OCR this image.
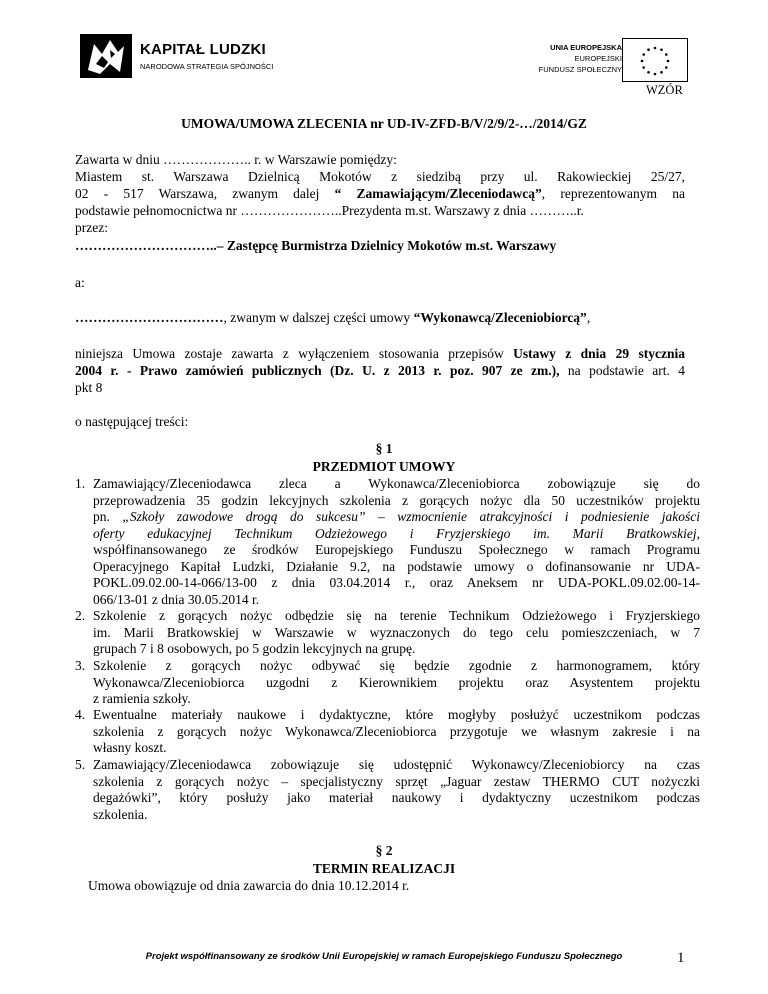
KAPITAŁ LUDZKI
NARODOWA STRATEGIA SPÓJNOŚCI
UNIA EUROPEJSKA
EUROPEJSKI
FUNDUSZ SPOŁECZNY
WZÓR
UMOWA/UMOWA ZLECENIA nr UD-IV-ZFD-B/V/2/9/2-…/2014/GZ
Zawarta w dniu ……………….. r. w Warszawie pomiędzy:
Miastem st. Warszawa Dzielnicą Mokotów z siedzibą przy ul. Rakowieckiej 25/27,
02 - 517 Warszawa, zwanym dalej “ Zamawiającym/Zleceniodawcą”, reprezentowanym na
podstawie pełnomocnictwa nr …………………..Prezydenta m.st. Warszawy z dnia ………..r.
przez:
…………………………..– Zastępcę Burmistrza Dzielnicy Mokotów m.st. Warszawy
a:
……………………………, zwanym w dalszej części umowy “Wykonawcą/Zleceniobiorcą”,
niniejsza Umowa zostaje zawarta z wyłączeniem stosowania przepisów Ustawy z dnia 29 stycznia
2004 r. - Prawo zamówień publicznych (Dz. U. z 2013 r. poz. 907 ze zm.), na podstawie art. 4
pkt 8
o następującej treści:
§ 1
PRZEDMIOT UMOWY
1. Zamawiający/Zleceniodawca zleca a Wykonawca/Zleceniobiorca zobowiązuje się do
przeprowadzenia 35 godzin lekcyjnych szkolenia z gorących nożyc dla 50 uczestników projektu
pn. „Szkoły zawodowe drogą do sukcesu” – wzmocnienie atrakcyjności i podniesienie jakości
oferty edukacyjnej Technikum Odzieżowego i Fryzjerskiego im. Marii Bratkowskiej,
współfinansowanego ze środków Europejskiego Funduszu Społecznego w ramach Programu
Operacyjnego Kapitał Ludzki, Działanie 9.2, na podstawie umowy o dofinansowanie nr UDA-
POKL.09.02.00-14-066/13-00 z dnia 03.04.2014 r., oraz Aneksem nr UDA-POKL.09.02.00-14-
066/13-01 z dnia 30.05.2014 r.
2. Szkolenie z gorących nożyc odbędzie się na terenie Technikum Odzieżowego i Fryzjerskiego
im. Marii Bratkowskiej w Warszawie w wyznaczonych do tego celu pomieszczeniach, w 7
grupach 7 i 8 osobowych, po 5 godzin lekcyjnych na grupę.
3. Szkolenie z gorących nożyc odbywać się będzie zgodnie z harmonogramem, który
Wykonawca/Zleceniobiorca uzgodni z Kierownikiem projektu oraz Asystentem projektu
z ramienia szkoły.
4. Ewentualne materiały naukowe i dydaktyczne, które mogłyby posłużyć uczestnikom podczas
szkolenia z gorących nożyc Wykonawca/Zleceniobiorca przygotuje we własnym zakresie i na
własny koszt.
5. Zamawiający/Zleceniodawca zobowiązuje się udostępnić Wykonawcy/Zleceniobiorcy na czas
szkolenia z gorących nożyc – specjalistyczny sprzęt „Jaguar zestaw THERMO CUT nożyczki
degażówki”, który posłuży jako materiał naukowy i dydaktyczny uczestnikom podczas
szkolenia.
§ 2
TERMIN REALIZACJI
Umowa obowiązuje od dnia zawarcia do dnia 10.12.2014 r.
Projekt współfinansowany ze środków Unii Europejskiej w ramach Europejskiego Funduszu Społecznego	1
